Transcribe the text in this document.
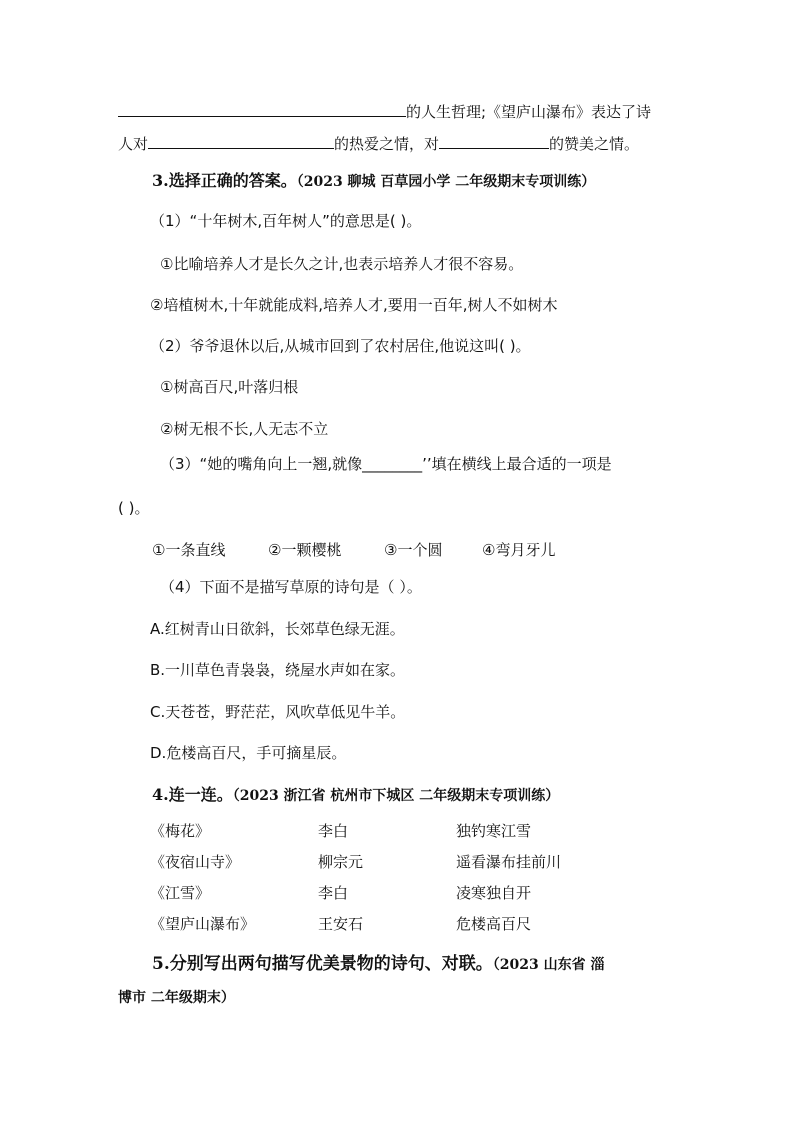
的人生哲理;《望庐山瀑布》表达了诗
人对	的热爱之情，对	的赞美之情。
3.选择正确的答案。（2023 聊城 百草园小学 二年级期末专项训练）
（1）“十年树木,百年树人”的意思是( )。
①比喻培养人才是长久之计,也表示培养人才很不容易。
②培植树木,十年就能成料,培养人才,要用一百年,树人不如树木
（2）爷爷退休以后,从城市回到了农村居住,他说这叫( )。
①树高百尺,叶落归根
②树无根不长,人无志不立
（3）“她的嘴角向上一翘,就像________’’填在横线上最合适的一项是
( )。
①一条直线	②一颗樱桃	③一个圆	④弯月牙儿
（4）下面不是描写草原的诗句是（ ）。
A.红树青山日欲斜，长郊草色绿无涯。
B.一川草色青袅袅，绕屋水声如在家。
C.天苍苍，野茫茫，风吹草低见牛羊。
D.危楼高百尺，手可摘星辰。
4.连一连。（2023 浙江省 杭州市下城区 二年级期末专项训练）
《梅花》	李白	独钓寒江雪
《夜宿山寺》	柳宗元	遥看瀑布挂前川
《江雪》	李白	凌寒独自开
《望庐山瀑布》	王安石	危楼高百尺
5.分别写出两句描写优美景物的诗句、对联。（2023 山东省 淄
博市 二年级期末）
